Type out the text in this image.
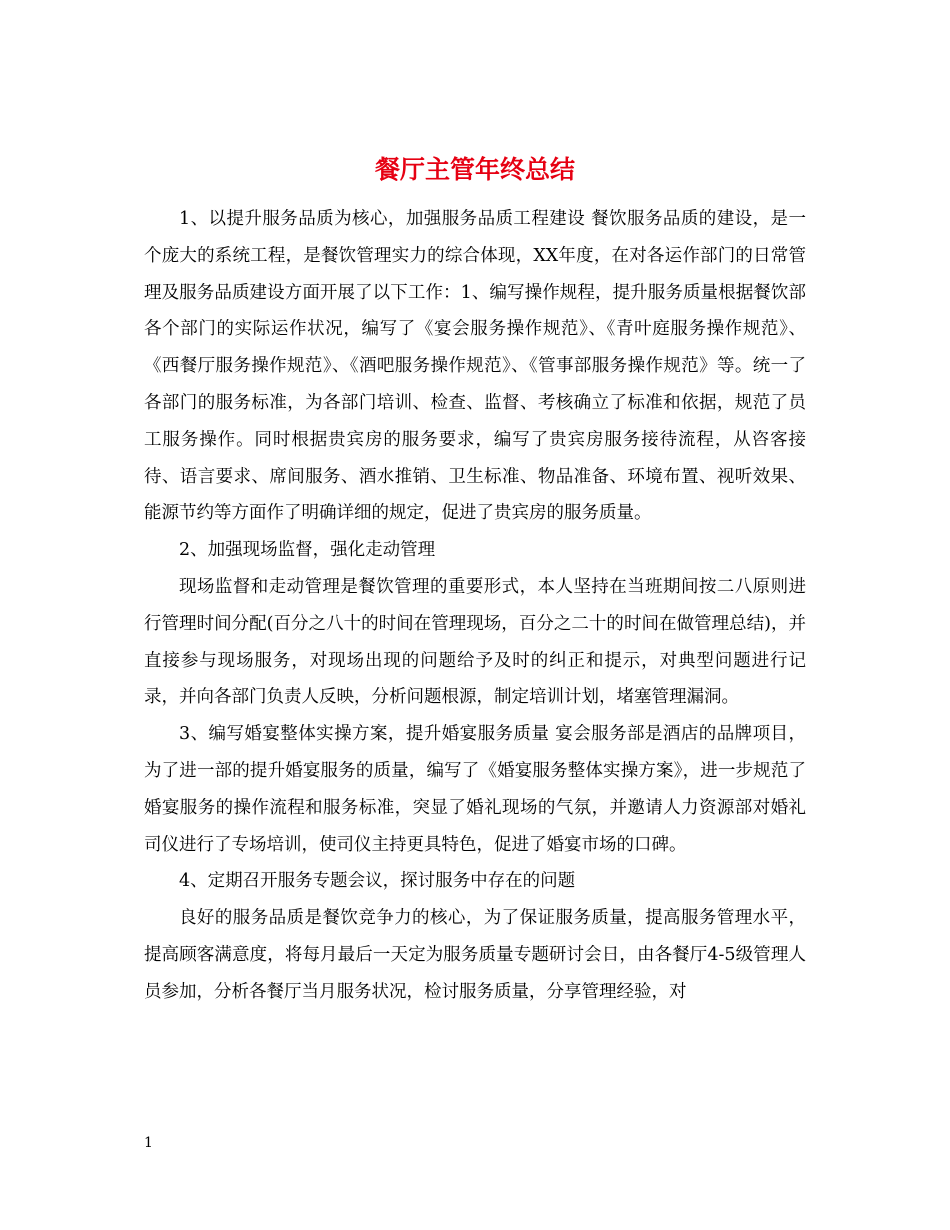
餐厅主管年终总结

1、以提升服务品质为核心，加强服务品质工程建设 餐饮服务品质的建设，是一个庞大的系统工程，是餐饮管理实力的综合体现，XX年度，在对各运作部门的日常管理及服务品质建设方面开展了以下工作：1、编写操作规程，提升服务质量根据餐饮部各个部门的实际运作状况，编写了《宴会服务操作规范》、《青叶庭服务操作规范》、《西餐厅服务操作规范》、《酒吧服务操作规范》、《管事部服务操作规范》等。统一了各部门的服务标准，为各部门培训、检查、监督、考核确立了标准和依据，规范了员工服务操作。同时根据贵宾房的服务要求，编写了贵宾房服务接待流程，从咨客接待、语言要求、席间服务、酒水推销、卫生标准、物品准备、环境布置、视听效果、能源节约等方面作了明确详细的规定，促进了贵宾房的服务质量。

2、加强现场监督，强化走动管理

现场监督和走动管理是餐饮管理的重要形式，本人坚持在当班期间按二八原则进行管理时间分配(百分之八十的时间在管理现场，百分之二十的时间在做管理总结)，并直接参与现场服务，对现场出现的问题给予及时的纠正和提示，对典型问题进行记录，并向各部门负责人反映，分析问题根源，制定培训计划，堵塞管理漏洞。

3、编写婚宴整体实操方案，提升婚宴服务质量 宴会服务部是酒店的品牌项目，为了进一部的提升婚宴服务的质量，编写了《婚宴服务整体实操方案》，进一步规范了婚宴服务的操作流程和服务标准，突显了婚礼现场的气氛，并邀请人力资源部对婚礼司仪进行了专场培训，使司仪主持更具特色，促进了婚宴市场的口碑。

4、定期召开服务专题会议，探讨服务中存在的问题

良好的服务品质是餐饮竞争力的核心，为了保证服务质量，提高服务管理水平，提高顾客满意度，将每月最后一天定为服务质量专题研讨会日，由各餐厅4-5级管理人员参加，分析各餐厅当月服务状况，检讨服务质量，分享管理经验，对

1
